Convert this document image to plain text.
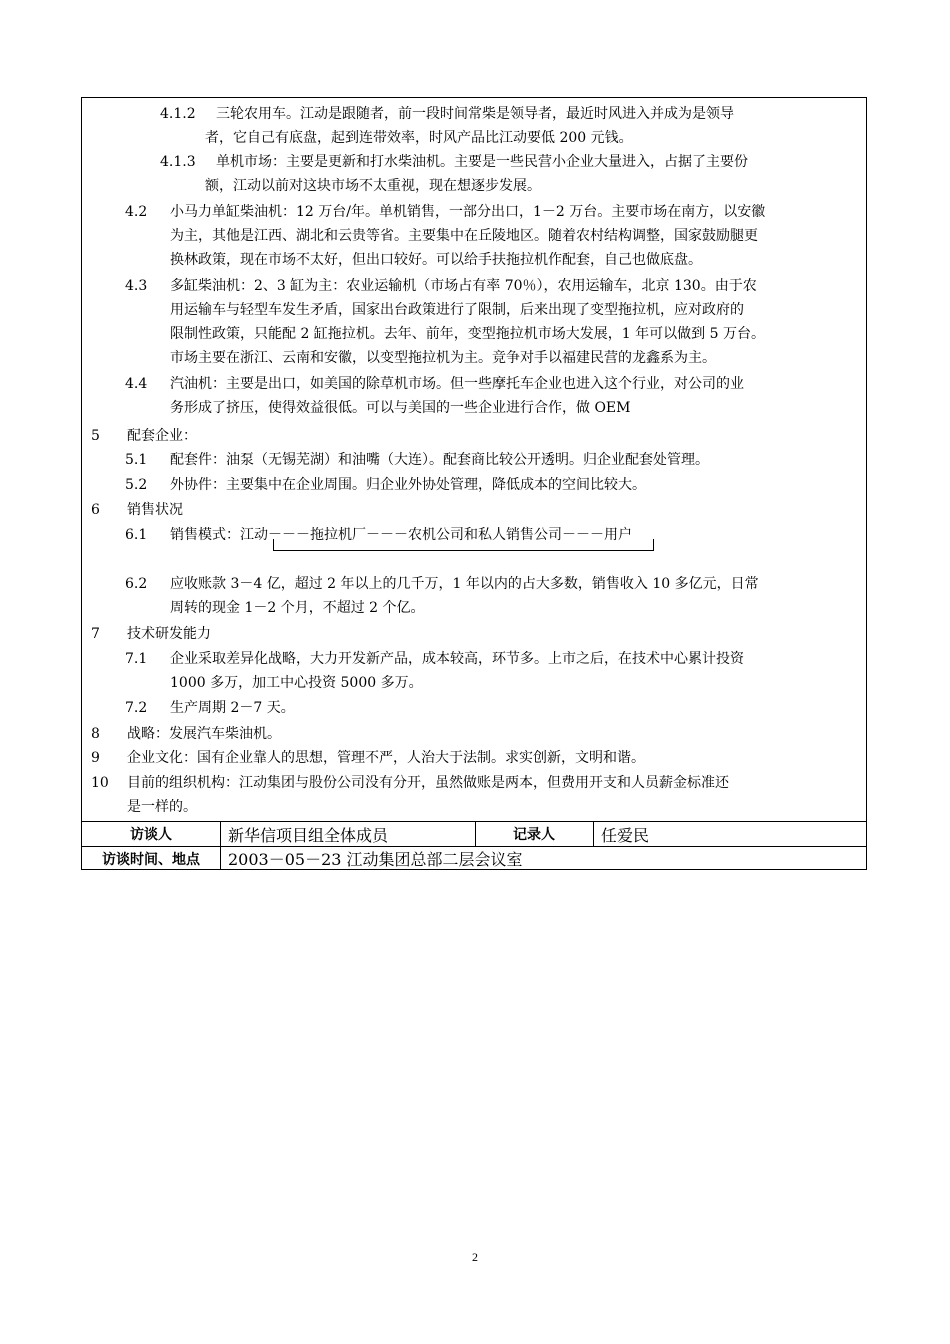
4.1.2 三轮农用车。江动是跟随者，前一段时间常柴是领导者，最近时风进入并成为是领导
者，它自己有底盘，起到连带效率，时风产品比江动要低 200 元钱。
4.1.3 单机市场：主要是更新和打水柴油机。主要是一些民营小企业大量进入，占据了主要份
额，江动以前对这块市场不太重视，现在想逐步发展。
4.2 小马力单缸柴油机：12 万台/年。单机销售，一部分出口，1－2 万台。主要市场在南方，以安徽
为主，其他是江西、湖北和云贵等省。主要集中在丘陵地区。随着农村结构调整，国家鼓励腿更
换林政策，现在市场不太好，但出口较好。可以给手扶拖拉机作配套，自己也做底盘。
4.3 多缸柴油机：2、3 缸为主：农业运输机（市场占有率 70％），农用运输车，北京 130。由于农
用运输车与轻型车发生矛盾，国家出台政策进行了限制，后来出现了变型拖拉机，应对政府的
限制性政策，只能配 2 缸拖拉机。去年、前年，变型拖拉机市场大发展，1 年可以做到 5 万台。
市场主要在浙江、云南和安徽，以变型拖拉机为主。竞争对手以福建民营的龙鑫系为主。
4.4 汽油机：主要是出口，如美国的除草机市场。但一些摩托车企业也进入这个行业，对公司的业
务形成了挤压，使得效益很低。可以与美国的一些企业进行合作，做 OEM
5 配套企业：
5.1 配套件：油泵（无锡芜湖）和油嘴（大连）。配套商比较公开透明。归企业配套处管理。
5.2 外协件：主要集中在企业周围。归企业外协处管理，降低成本的空间比较大。
6 销售状况
6.1 销售模式：江动－－－拖拉机厂－－－农机公司和私人销售公司－－－用户
6.2 应收账款 3－4 亿，超过 2 年以上的几千万，1 年以内的占大多数，销售收入 10 多亿元，日常
周转的现金 1－2 个月，不超过 2 个亿。
7 技术研发能力
7.1 企业采取差异化战略，大力开发新产品，成本较高，环节多。上市之后，在技术中心累计投资
1000 多万，加工中心投资 5000 多万。
7.2 生产周期 2－7 天。
8 战略：发展汽车柴油机。
9 企业文化：国有企业靠人的思想，管理不严，人治大于法制。求实创新，文明和谐。
10 目前的组织机构：江动集团与股份公司没有分开，虽然做账是两本，但费用开支和人员薪金标准还
是一样的。
访谈人	新华信项目组全体成员	记录人	任爱民
访谈时间、地点	2003－05－23 江动集团总部二层会议室
2
